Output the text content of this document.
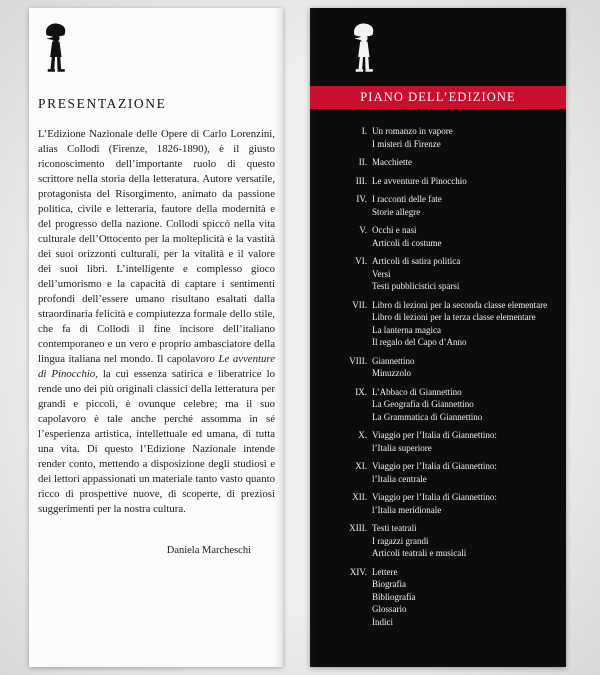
PRESENTAZIONE

L’Edizione Nazionale delle Opere di Carlo Lorenzini, alias Collodi (Firenze, 1826-1890), è il giusto riconoscimento dell’importante ruolo di questo scrittore nella storia della letteratura. Autore versatile, protagonista del Risorgimento, animato da passione politica, civile e letteraria, fautore della modernità e del progresso della nazione. Collodi spiccò nella vita culturale dell’Ottocento per la molteplicità e la vastità dei suoi orizzonti culturali, per la vitalità e il valore dei suoi libri. L’intelligente e complesso gioco dell’umorismo e la capacità di captare i sentimenti profondi dell’essere umano risultano esaltati dalla straordinaria felicità e compiutezza formale dello stile, che fa di Collodi il fine incisore dell’italiano contemporaneo e un vero e proprio ambasciatore della lingua italiana nel mondo. Il capolavoro Le avventure di Pinocchio, la cui essenza satirica e liberatrice lo rende uno dei più originali classici della letteratura per grandi e piccoli, è ovunque celebre; ma il suo capolavoro è tale anche perché assomma in sé l’esperienza artistica, intellettuale ed umana, di tutta una vita. Di questo l’Edizione Nazionale intende render conto, mettendo a disposizione degli studiosi e dei lettori appassionati un materiale tanto vasto quanto ricco di prospettive nuove, di scoperte, di preziosi suggerimenti per la nostra cultura.

Daniela Marcheschi

PIANO DELL’EDIZIONE
I. Un romanzo in vapore
I misteri di Firenze
II. Macchiette
III. Le avventure di Pinocchio
IV. I racconti delle fate
Storie allegre
V. Occhi e nasi
Articoli di costume
VI. Articoli di satira politica
Versi
Testi pubblicistici sparsi
VII. Libro di lezioni per la seconda classe elementare
Libro di lezioni per la terza classe elementare
La lanterna magica
Il regalo del Capo d’Anno
VIII. Giannettino
Minuzzolo
IX. L’Abbaco di Giannettino
La Geografia di Giannettino
La Grammatica di Giannettino
X. Viaggio per l’Italia di Giannettino:
l’Italia superiore
XI. Viaggio per l’Italia di Giannettino:
l’Italia centrale
XII. Viaggio per l’Italia di Giannettino:
l’Italia meridionale
XIII. Testi teatrali
I ragazzi grandi
Articoli teatrali e musicali
XIV. Lettere
Biografia
Bibliografia
Glossario
Indici
